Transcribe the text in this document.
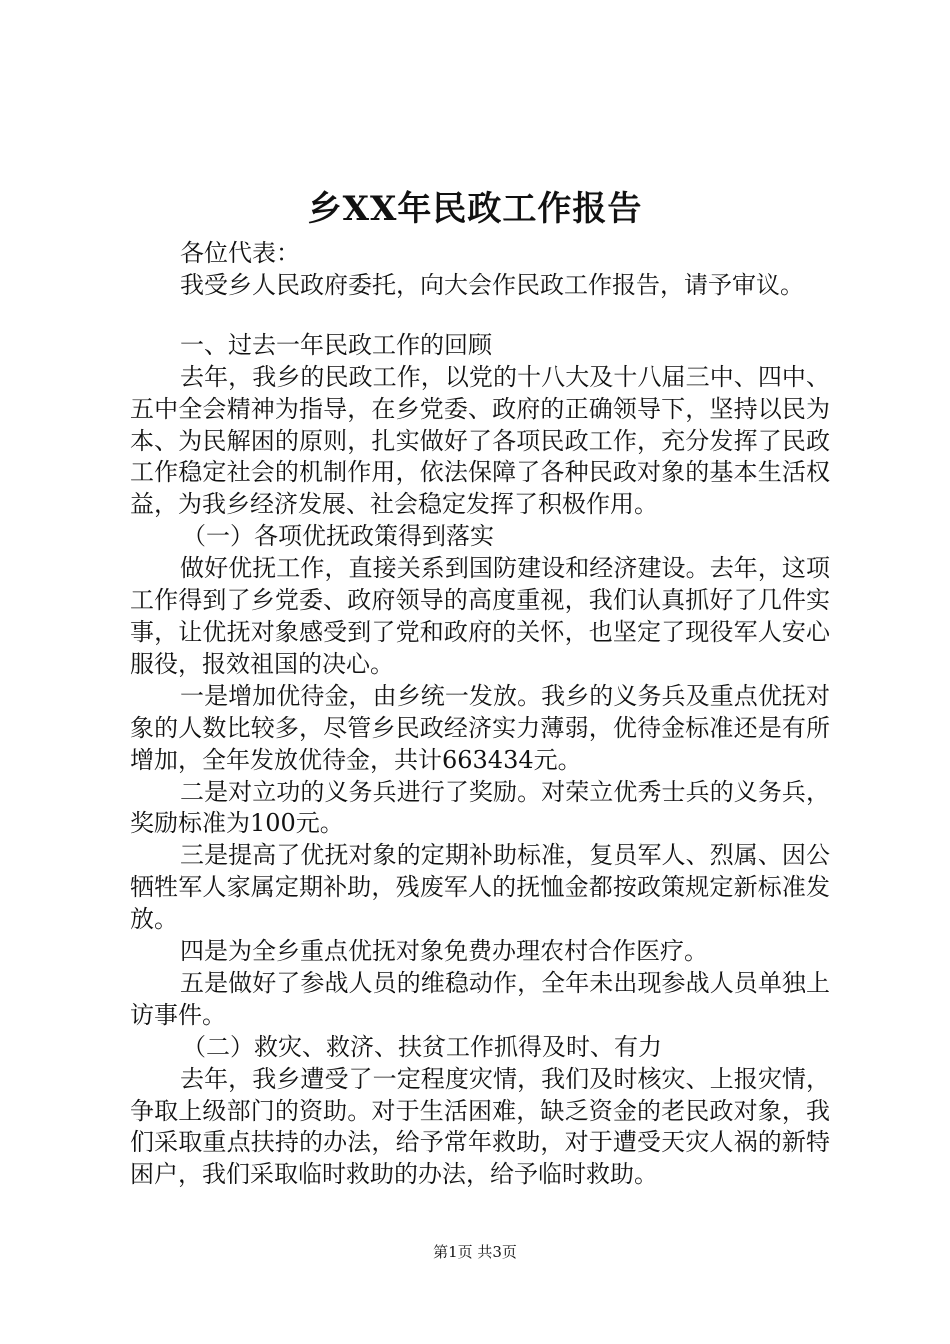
乡XX年民政工作报告

各位代表：

我受乡人民政府委托，向大会作民政工作报告，请予审议。

一、过去一年民政工作的回顾

去年，我乡的民政工作，以党的十八大及十八届三中、四中、五中全会精神为指导，在乡党委、政府的正确领导下，坚持以民为本、为民解困的原则，扎实做好了各项民政工作，充分发挥了民政工作稳定社会的机制作用，依法保障了各种民政对象的基本生活权益，为我乡经济发展、社会稳定发挥了积极作用。

（一）各项优抚政策得到落实

做好优抚工作，直接关系到国防建设和经济建设。去年，这项工作得到了乡党委、政府领导的高度重视，我们认真抓好了几件实事，让优抚对象感受到了党和政府的关怀，也坚定了现役军人安心服役，报效祖国的决心。

一是增加优待金，由乡统一发放。我乡的义务兵及重点优抚对象的人数比较多，尽管乡民政经济实力薄弱，优待金标准还是有所增加，全年发放优待金，共计663434元。

二是对立功的义务兵进行了奖励。对荣立优秀士兵的义务兵，奖励标准为100元。

三是提高了优抚对象的定期补助标准，复员军人、烈属、因公牺牲军人家属定期补助，残废军人的抚恤金都按政策规定新标准发放。

四是为全乡重点优抚对象免费办理农村合作医疗。

五是做好了参战人员的维稳动作，全年未出现参战人员单独上访事件。

（二）救灾、救济、扶贫工作抓得及时、有力

去年，我乡遭受了一定程度灾情，我们及时核灾、上报灾情，争取上级部门的资助。对于生活困难，缺乏资金的老民政对象，我们采取重点扶持的办法，给予常年救助，对于遭受天灾人祸的新特困户，我们采取临时救助的办法，给予临时救助。

第1页 共3页
